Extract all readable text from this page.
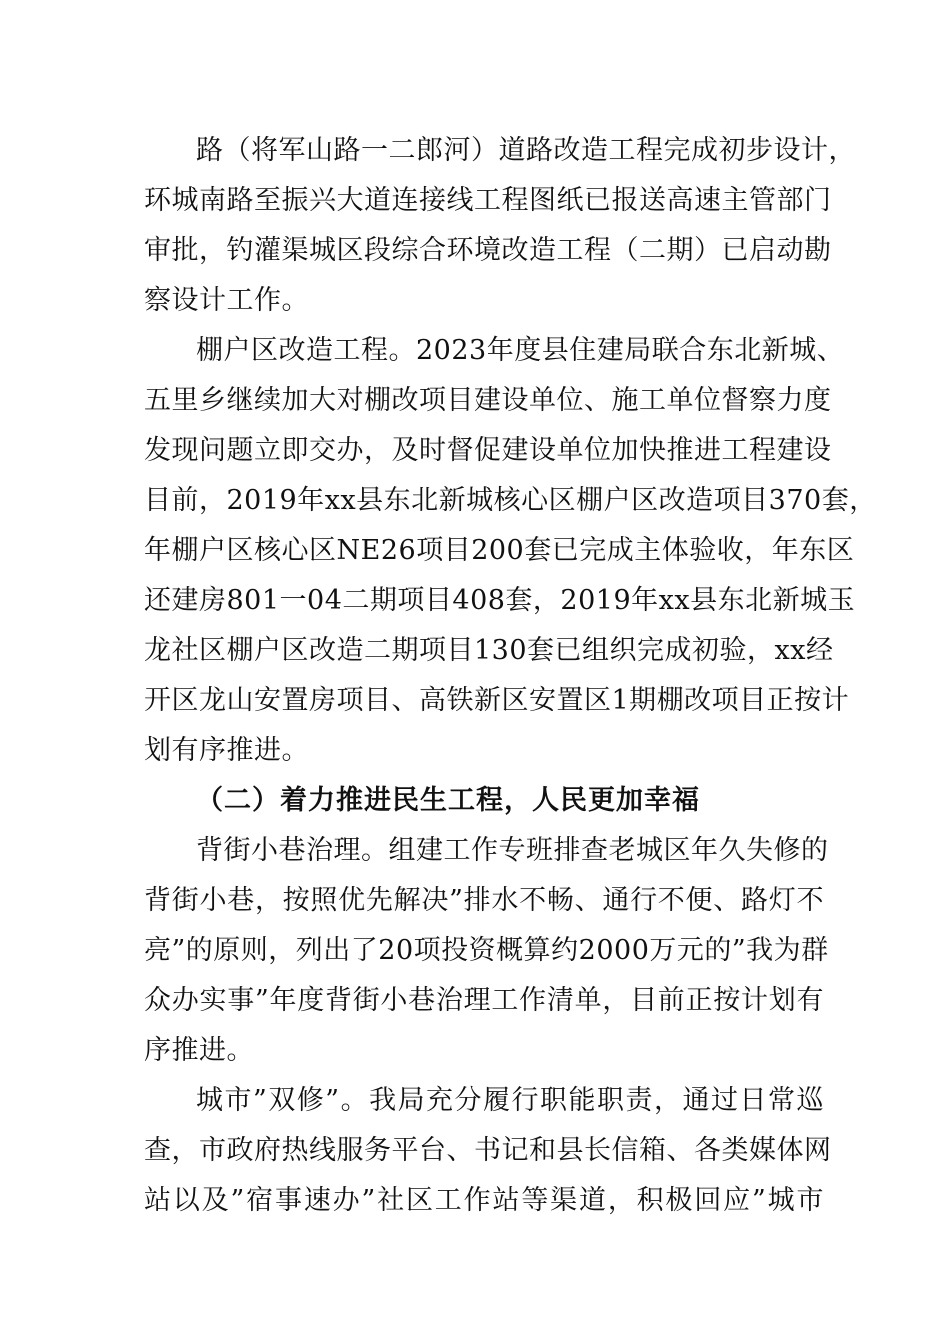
路（将军山路一二郎河）道路改造工程完成初步设计，
环城南路至振兴大道连接线工程图纸已报送高速主管部门
审批，钓灌渠城区段综合环境改造工程（二期）已启动勘
察设计工作。
棚户区改造工程。2023年度县住建局联合东北新城、
五里乡继续加大对棚改项目建设单位、施工单位督察力度
发现问题立即交办，及时督促建设单位加快推进工程建设
目前，2019年xx县东北新城核心区棚户区改造项目370套，
年棚户区核心区NE26项目200套已完成主体验收，年东区
还建房801一04二期项目408套，2019年xx县东北新城玉
龙社区棚户区改造二期项目130套已组织完成初验，xx经
开区龙山安置房项目、高铁新区安置区1期棚改项目正按计
划有序推进。
（二）着力推进民生工程，人民更加幸福
背街小巷治理。组建工作专班排查老城区年久失修的
背街小巷，按照优先解决”排水不畅、通行不便、路灯不
亮”的原则，列出了20项投资概算约2000万元的”我为群
众办实事”年度背街小巷治理工作清单，目前正按计划有
序推进。
城市”双修”。我局充分履行职能职责，通过日常巡
查，市政府热线服务平台、书记和县长信箱、各类媒体网
站以及”宿事速办”社区工作站等渠道，积极回应”城市
